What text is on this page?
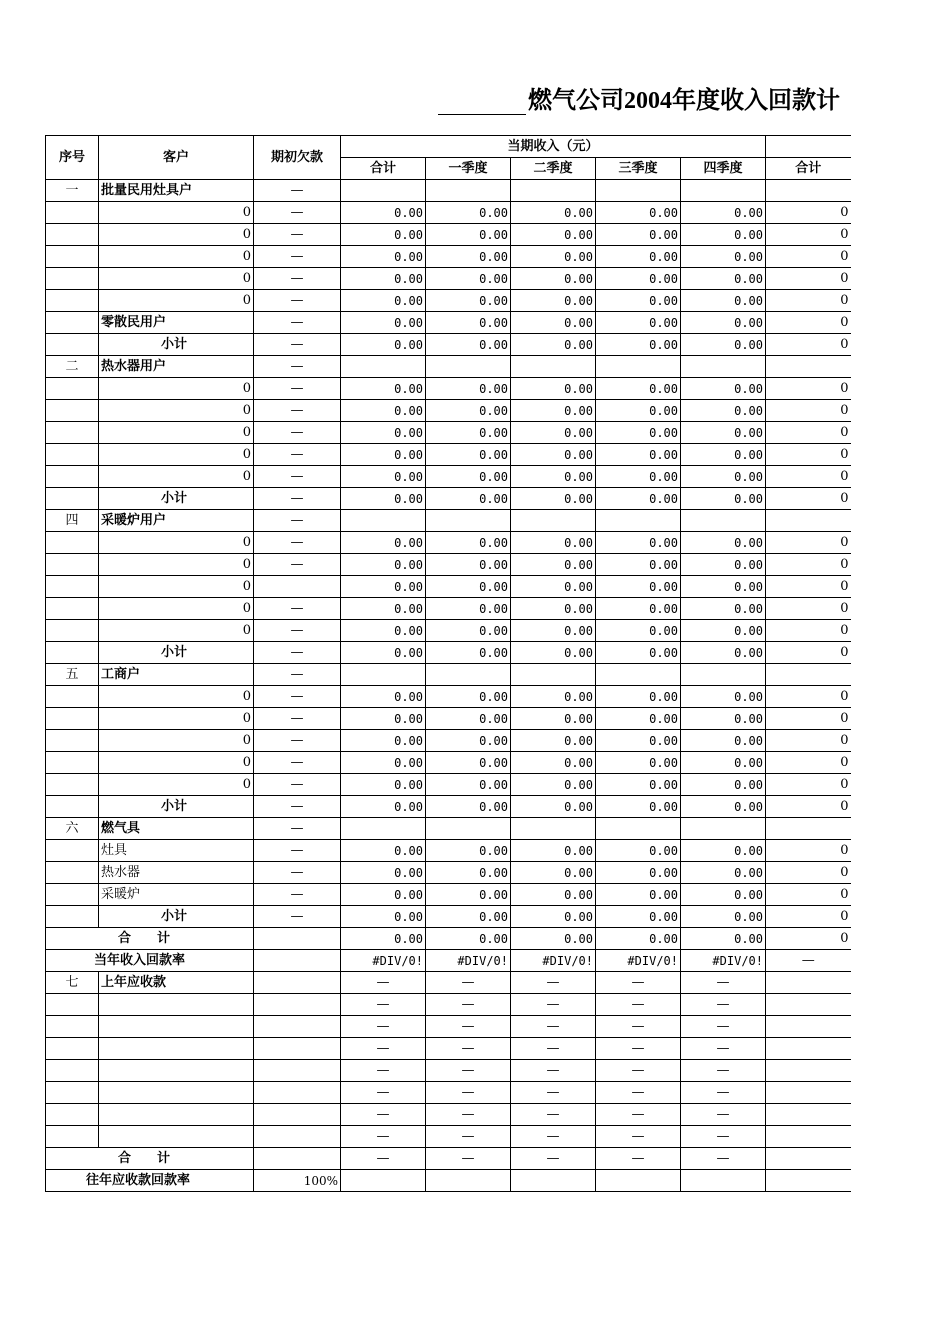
燃气公司2004年度收入回款计
序号	客户	期初欠款	当期收入（元）					
			合计	一季度	二季度	三季度	四季度	合计
一	批量民用灶具户	—						
	0	—	0.00	0.00	0.00	0.00	0.00	0
	0	—	0.00	0.00	0.00	0.00	0.00	0
	0	—	0.00	0.00	0.00	0.00	0.00	0
	0	—	0.00	0.00	0.00	0.00	0.00	0
	0	—	0.00	0.00	0.00	0.00	0.00	0
	零散民用户	—	0.00	0.00	0.00	0.00	0.00	0
	小计	—	0.00	0.00	0.00	0.00	0.00	0
二	热水器用户	—						
	0	—	0.00	0.00	0.00	0.00	0.00	0
	0	—	0.00	0.00	0.00	0.00	0.00	0
	0	—	0.00	0.00	0.00	0.00	0.00	0
	0	—	0.00	0.00	0.00	0.00	0.00	0
	0	—	0.00	0.00	0.00	0.00	0.00	0
	小计	—	0.00	0.00	0.00	0.00	0.00	0
四	采暖炉用户	—						
	0	—	0.00	0.00	0.00	0.00	0.00	0
	0	—	0.00	0.00	0.00	0.00	0.00	0
	0		0.00	0.00	0.00	0.00	0.00	0
	0	—	0.00	0.00	0.00	0.00	0.00	0
	0	—	0.00	0.00	0.00	0.00	0.00	0
	小计	—	0.00	0.00	0.00	0.00	0.00	0
五	工商户	—						
	0	—	0.00	0.00	0.00	0.00	0.00	0
	0	—	0.00	0.00	0.00	0.00	0.00	0
	0	—	0.00	0.00	0.00	0.00	0.00	0
	0	—	0.00	0.00	0.00	0.00	0.00	0
	0	—	0.00	0.00	0.00	0.00	0.00	0
	小计	—	0.00	0.00	0.00	0.00	0.00	0
六	燃气具	—						
	灶具	—	0.00	0.00	0.00	0.00	0.00	0
	热水器	—	0.00	0.00	0.00	0.00	0.00	0
	采暖炉	—	0.00	0.00	0.00	0.00	0.00	0
	小计	—	0.00	0.00	0.00	0.00	0.00	0
合　　计			0.00	0.00	0.00	0.00	0.00	0
当年收入回款率			#DIV/0!	#DIV/0!	#DIV/0!	#DIV/0!	#DIV/0!	—
七	上年应收款		—	—	—	—	—	
			—	—	—	—	—	
			—	—	—	—	—	
			—	—	—	—	—	
			—	—	—	—	—	
			—	—	—	—	—	
			—	—	—	—	—	
			—	—	—	—	—	
合　　计			—	—	—	—	—	
往年应收款回款率		100%						
